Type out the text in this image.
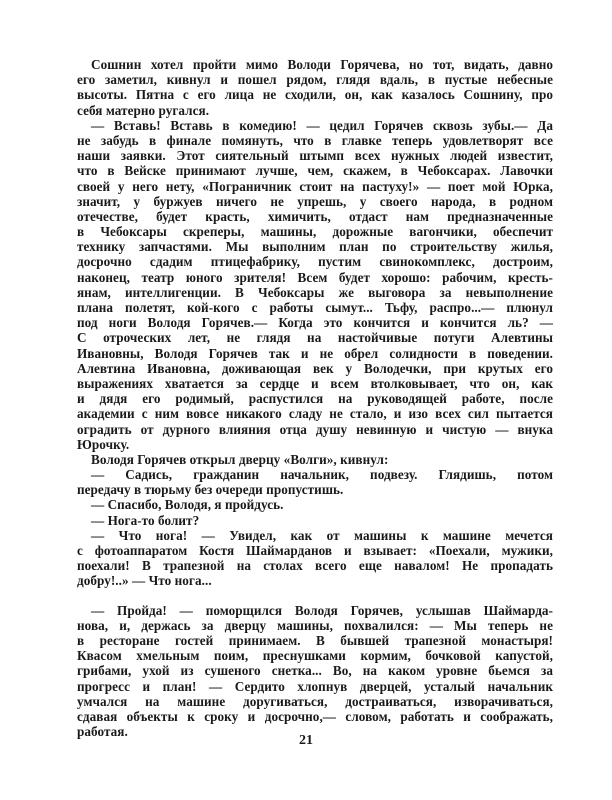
Сошнин хотел пройти мимо Володи Горячева, но тот, видать, давно
его заметил, кивнул и пошел рядом, глядя вдаль, в пустые небесные
высоты. Пятна с его лица не сходили, он, как казалось Сошнину, про
себя матерно ругался.
— Вставь! Вставь в комедию! — цедил Горячев сквозь зубы.— Да
не забудь в финале помянуть, что в главке теперь удовлетворят все
наши заявки. Этот сиятельный штымп всех нужных людей известит,
что в Вейске принимают лучше, чем, скажем, в Чебоксарах. Лавочки
своей у него нету, «Пограничник стоит на пастуху!» — поет мой Юрка,
значит, у буржуев ничего не упрешь, у своего народа, в родном
отечестве, будет красть, химичить, отдаст нам предназначенные
в Чебоксары скреперы, машины, дорожные вагончики, обеспечит
технику запчастями. Мы выполним план по строительству жилья,
досрочно сдадим птицефабрику, пустим свинокомплекс, достроим,
наконец, театр юного зрителя! Всем будет хорошо: рабочим, кресть-
янам, интеллигенции. В Чебоксары же выговора за невыполнение
плана полетят, кой-кого с работы сымут... Тьфу, распро...— плюнул
под ноги Володя Горячев.— Когда это кончится и кончится ль? —
С отроческих лет, не глядя на настойчивые потуги Алевтины
Ивановны, Володя Горячев так и не обрел солидности в поведении.
Алевтина Ивановна, доживающая век у Володечки, при крутых его
выражениях хватается за сердце и всем втолковывает, что он, как
и дядя его родимый, распустился на руководящей работе, после
академии с ним вовсе никакого сладу не стало, и изо всех сил пытается
оградить от дурного влияния отца душу невинную и чистую — внука
Юрочку.
Володя Горячев открыл дверцу «Волги», кивнул:
— Садись, гражданин начальник, подвезу. Глядишь, потом
передачу в тюрьму без очереди пропустишь.
— Спасибо, Володя, я пройдусь.
— Нога-то болит?
— Что нога! — Увидел, как от машины к машине мечется
с фотоаппаратом Костя Шаймарданов и взывает: «Поехали, мужики,
поехали! В трапезной на столах всего еще навалом! Не пропадать
добру!..» — Что нога...
— Пройда! — поморщился Володя Горячев, услышав Шаймарда-
нова, и, держась за дверцу машины, похвалился: — Мы теперь не
в ресторане гостей принимаем. В бывшей трапезной монастыря!
Квасом хмельным поим, преснушками кормим, бочковой капустой,
грибами, ухой из сушеного снетка... Во, на каком уровне бьемся за
прогресс и план! — Сердито хлопнув дверцей, усталый начальник
умчался на машине доругиваться, достраиваться, изворачиваться,
сдавая объекты к сроку и досрочно,— словом, работать и соображать,
работая.
21
